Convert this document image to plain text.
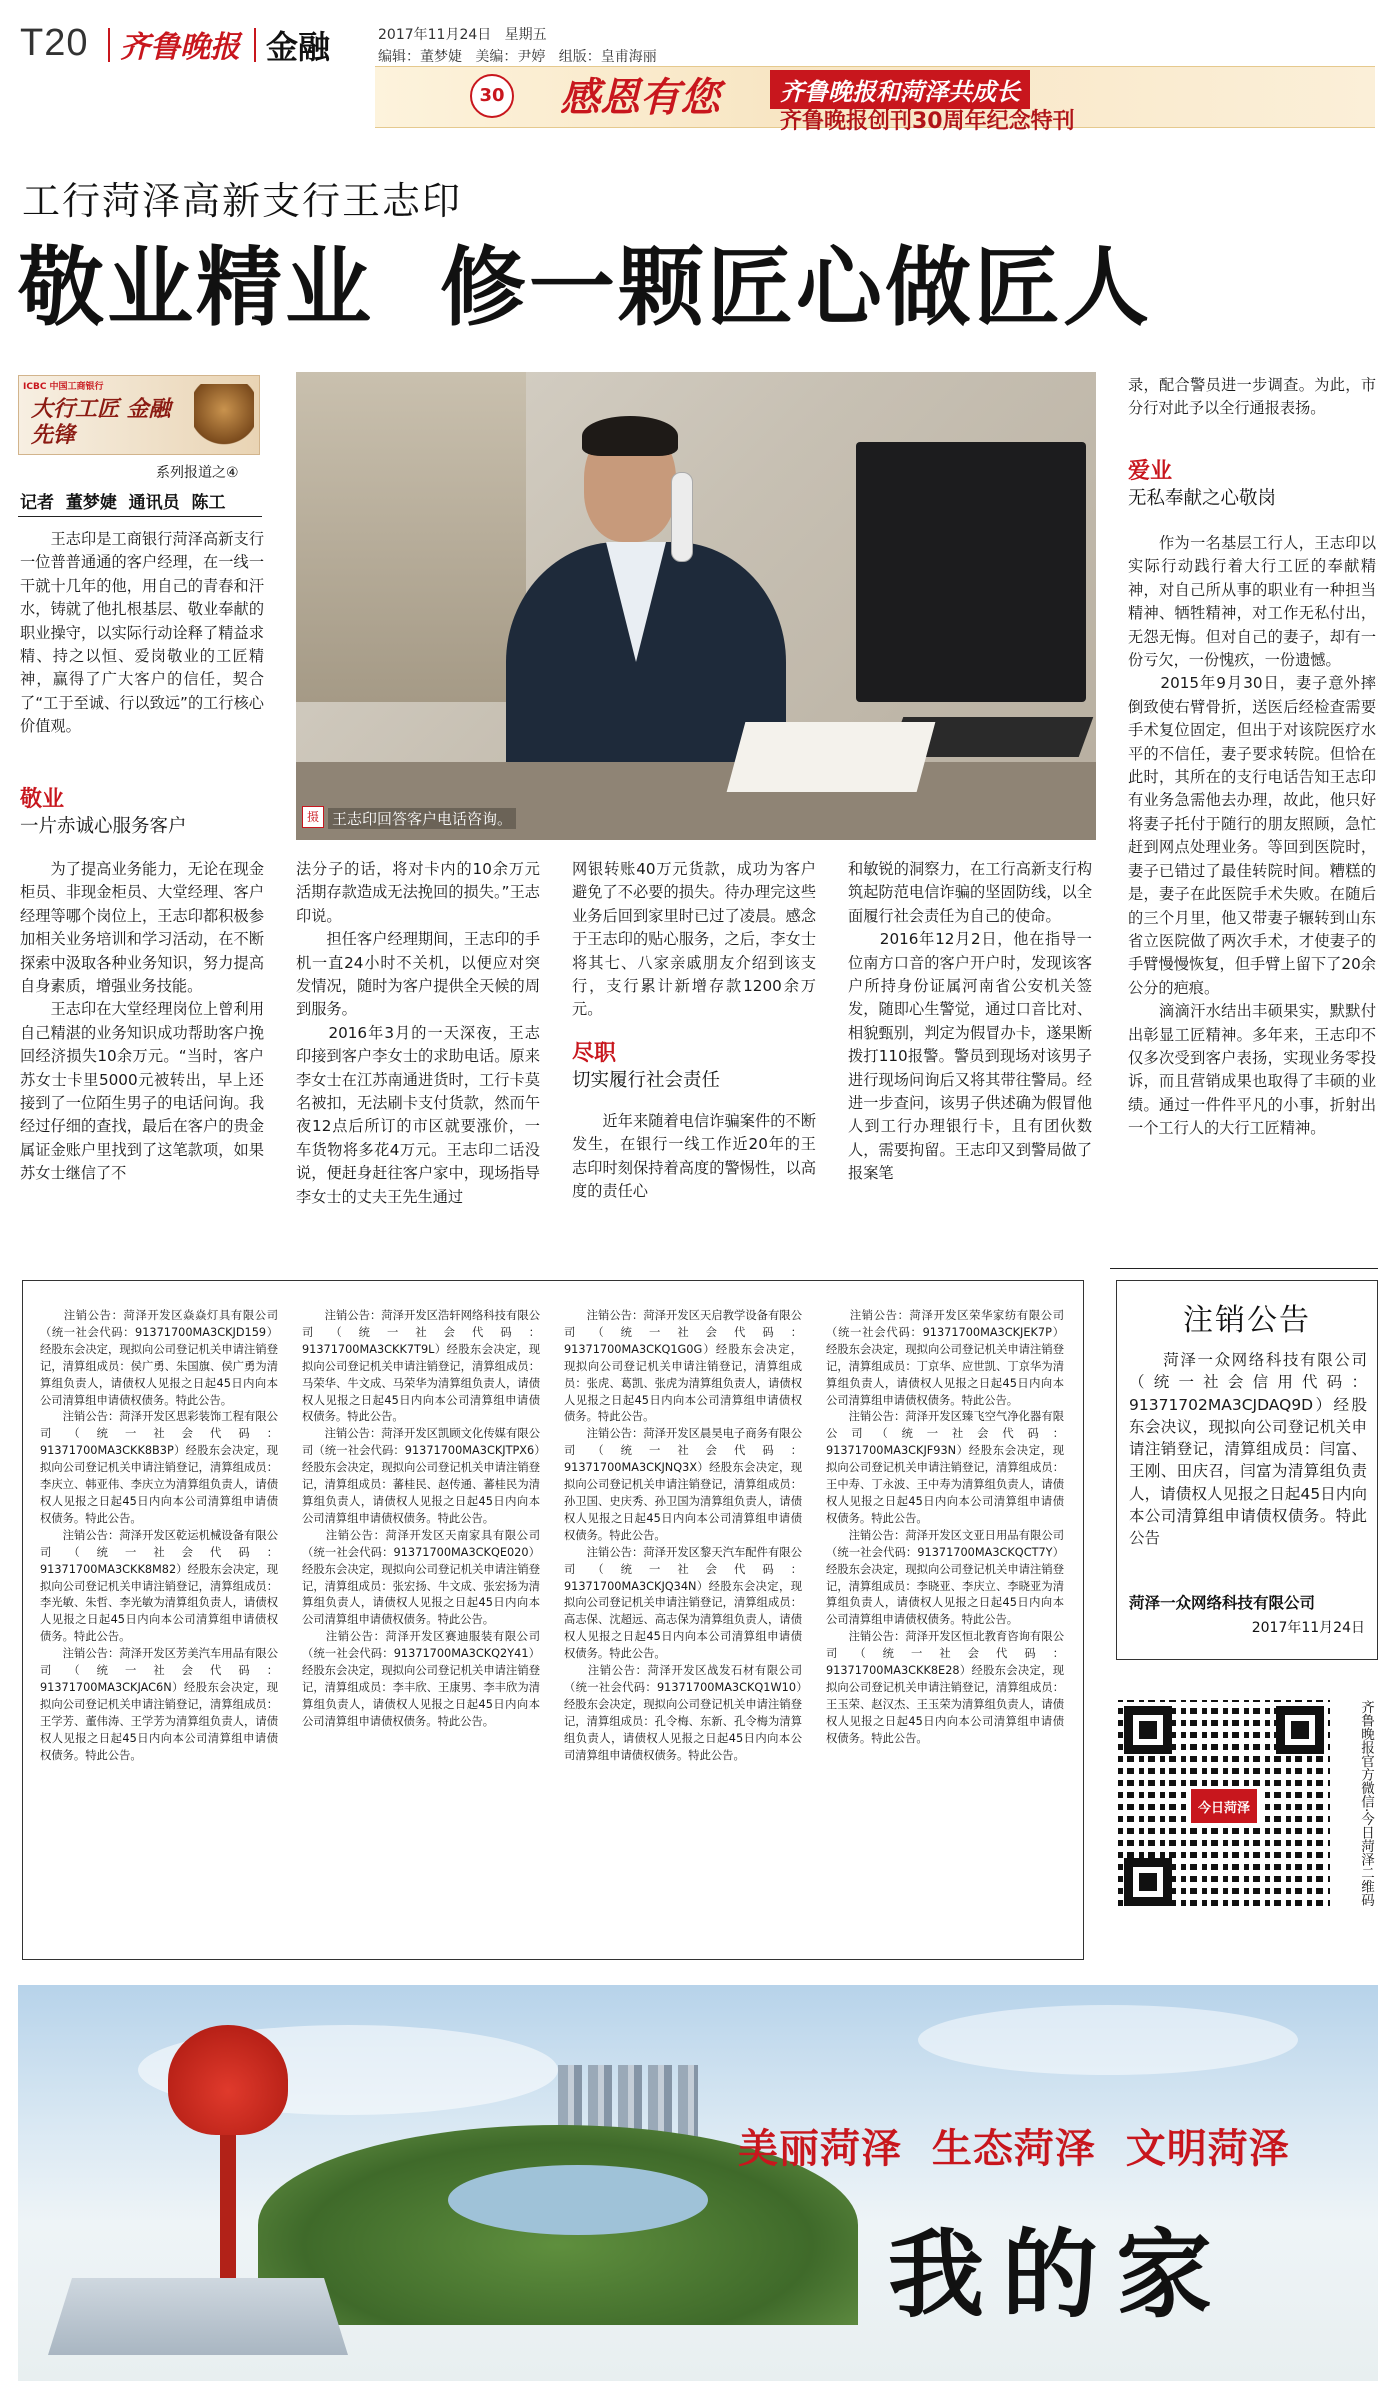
T20 齐鲁晚报 金融	2017年11月24日   星期五
编辑：董梦婕   美编：尹婷   组版：皇甫海丽
30 感恩有您	齐鲁晚报和菏泽共成长
齐鲁晚报创刊30周年纪念特刊
工行菏泽高新支行王志印
敬业精业  修一颗匠心做匠人
ICBC 中国工商银行
大行工匠 金融先锋
系列报道之④
记者  董梦婕  通讯员  陈工
摄 王志印回答客户电话咨询。
　　王志印是工商银行菏泽高新支行一位普普通通的客户经理，在一线一干就十几年的他，用自己的青春和汗水，铸就了他扎根基层、敬业奉献的职业操守，以实际行动诠释了精益求精、持之以恒、爱岗敬业的工匠精神，赢得了广大客户的信任，契合了“工于至诚、行以致远”的工行核心价值观。
敬业
一片赤诚心服务客户
　　为了提高业务能力，无论在现金柜员、非现金柜员、大堂经理、客户经理等哪个岗位上，王志印都积极参加相关业务培训和学习活动，在不断探索中汲取各种业务知识，努力提高自身素质，增强业务技能。
　　王志印在大堂经理岗位上曾利用自己精湛的业务知识成功帮助客户挽回经济损失10余万元。“当时，客户苏女士卡里5000元被转出，早上还接到了一位陌生男子的电话问询。我经过仔细的查找，最后在客户的贵金属证金账户里找到了这笔款项，如果苏女士继信了不
法分子的话，将对卡内的10余万元活期存款造成无法挽回的损失。”王志印说。
　　担任客户经理期间，王志印的手机一直24小时不关机，以便应对突发情况，随时为客户提供全天候的周到服务。
　　2016年3月的一天深夜，王志印接到客户李女士的求助电话。原来李女士在江苏南通进货时，工行卡莫名被扣，无法刷卡支付货款，然而午夜12点后所订的市区就要涨价，一车货物将多花4万元。王志印二话没说，便赶身赶往客户家中，现场指导李女士的丈夫王先生通过
网银转账40万元货款，成功为客户避免了不必要的损失。待办理完这些业务后回到家里时已过了凌晨。感念于王志印的贴心服务，之后，李女士将其七、八家亲戚朋友介绍到该支行，支行累计新增存款1200余万元。
尽职
切实履行社会责任
　　近年来随着电信诈骗案件的不断发生，在银行一线工作近20年的王志印时刻保持着高度的警惕性，以高度的责任心
和敏锐的洞察力，在工行高新支行构筑起防范电信诈骗的坚固防线，以全面履行社会责任为自己的使命。
　　2016年12月2日，他在指导一位南方口音的客户开户时，发现该客户所持身份证属河南省公安机关签发，随即心生警觉，通过口音比对、相貌甄别，判定为假冒办卡，遂果断拨打110报警。警员到现场对该男子进行现场问询后又将其带往警局。经进一步查问，该男子供述确为假冒他人到工行办理银行卡，且有团伙数人，需要拘留。王志印又到警局做了报案笔
录，配合警员进一步调查。为此，市分行对此予以全行通报表扬。
爱业
无私奉献之心敬岗
　　作为一名基层工行人，王志印以实际行动践行着大行工匠的奉献精神，对自己所从事的职业有一种担当精神、牺牲精神，对工作无私付出，无怨无悔。但对自己的妻子，却有一份亏欠，一份愧疚，一份遗憾。
　　2015年9月30日，妻子意外摔倒致使右臂骨折，送医后经检查需要手术复位固定，但出于对该院医疗水平的不信任，妻子要求转院。但恰在此时，其所在的支行电话告知王志印有业务急需他去办理，故此，他只好将妻子托付于随行的朋友照顾，急忙赶到网点处理业务。等回到医院时，妻子已错过了最佳转院时间。糟糕的是，妻子在此医院手术失败。在随后的三个月里，他又带妻子辗转到山东省立医院做了两次手术，才使妻子的手臂慢慢恢复，但手臂上留下了20余公分的疤痕。
　　滴滴汗水结出丰硕果实，默默付出彰显工匠精神。多年来，王志印不仅多次受到客户表扬，实现业务零投诉，而且营销成果也取得了丰硕的业绩。通过一件件平凡的小事，折射出一个工行人的大行工匠精神。
　　注销公告：菏泽开发区焱焱灯具有限公司（统一社会代码：91371700MA3CKJD159）经股东会决定，现拟向公司登记机关申请注销登记，清算组成员：侯广勇、朱国旗、侯广勇为清算组负责人，请债权人见报之日起45日内向本公司清算组申请债权债务。特此公告。
　　注销公告：菏泽开发区思彩装饰工程有限公司（统一社会代码：91371700MA3CKK8B3P）经股东会决定，现拟向公司登记机关申请注销登记，清算组成员：李庆立、韩亚伟、李庆立为清算组负责人，请债权人见报之日起45日内向本公司清算组申请债权债务。特此公告。
　　注销公告：菏泽开发区乾运机械设备有限公司（统一社会代码：91371700MA3CKK8M82）经股东会决定，现拟向公司登记机关申请注销登记，清算组成员：李光敏、朱哲、李光敏为清算组负责人，请债权人见报之日起45日内向本公司清算组申请债权债务。特此公告。
　　注销公告：菏泽开发区芳美汽车用品有限公司（统一社会代码：91371700MA3CKJAC6N）经股东会决定，现拟向公司登记机关申请注销登记，清算组成员：王学芳、董伟涛、王学芳为清算组负责人，请债权人见报之日起45日内向本公司清算组申请债权债务。特此公告。
　　注销公告：菏泽开发区浩轩网络科技有限公司（统一社会代码：91371700MA3CKK7T9L）经股东会决定，现拟向公司登记机关申请注销登记，清算组成员：马荣华、牛文成、马荣华为清算组负责人，请债权人见报之日起45日内向本公司清算组申请债权债务。特此公告。
　　注销公告：菏泽开发区凯顾文化传媒有限公司（统一社会代码：91371700MA3CKJTPX6）经股东会决定，现拟向公司登记机关申请注销登记，清算组成员：蕃桂民、赵传通、蕃桂民为清算组负责人，请债权人见报之日起45日内向本公司清算组申请债权债务。特此公告。
　　注销公告：菏泽开发区天南家具有限公司（统一社会代码：91371700MA3CKQE020）经股东会决定，现拟向公司登记机关申请注销登记，清算组成员：张宏扬、牛文成、张宏扬为清算组负责人，请债权人见报之日起45日内向本公司清算组申请债权债务。特此公告。
　　注销公告：菏泽开发区赛迪服装有限公司（统一社会代码：91371700MA3CKQ2Y41）经股东会决定，现拟向公司登记机关申请注销登记，清算组成员：李丰欣、王康男、李丰欣为清算组负责人，请债权人见报之日起45日内向本公司清算组申请债权债务。特此公告。
　　注销公告：菏泽开发区天启教学设备有限公司（统一社会代码：91371700MA3CKQ1G0G）经股东会决定，现拟向公司登记机关申请注销登记，清算组成员：张虎、葛凯、张虎为清算组负责人，请债权人见报之日起45日内向本公司清算组申请债权债务。特此公告。
　　注销公告：菏泽开发区晨昊电子商务有限公司（统一社会代码：91371700MA3CKJNQ3X）经股东会决定，现拟向公司登记机关申请注销登记，清算组成员：孙卫国、史庆秀、孙卫国为清算组负责人，请债权人见报之日起45日内向本公司清算组申请债权债务。特此公告。
　　注销公告：菏泽开发区黎天汽车配件有限公司（统一社会代码：91371700MA3CKJQ34N）经股东会决定，现拟向公司登记机关申请注销登记，清算组成员：高志保、沈超远、高志保为清算组负责人，请债权人见报之日起45日内向本公司清算组申请债权债务。特此公告。
　　注销公告：菏泽开发区战发石材有限公司（统一社会代码：91371700MA3CKQ1W10）经股东会决定，现拟向公司登记机关申请注销登记，清算组成员：孔令梅、东新、孔令梅为清算组负责人，请债权人见报之日起45日内向本公司清算组申请债权债务。特此公告。
　　注销公告：菏泽开发区荣华家纺有限公司（统一社会代码：91371700MA3CKJEK7P）经股东会决定，现拟向公司登记机关申请注销登记，清算组成员：丁京华、应世凯、丁京华为清算组负责人，请债权人见报之日起45日内向本公司清算组申请债权债务。特此公告。
　　注销公告：菏泽开发区臻飞空气净化器有限公司（统一社会代码：91371700MA3CKJF93N）经股东会决定，现拟向公司登记机关申请注销登记，清算组成员：王中寿、丁永波、王中寿为清算组负责人，请债权人见报之日起45日内向本公司清算组申请债权债务。特此公告。
　　注销公告：菏泽开发区文亚日用品有限公司（统一社会代码：91371700MA3CKQCT7Y）经股东会决定，现拟向公司登记机关申请注销登记，清算组成员：李晓亚、李庆立、李晓亚为清算组负责人，请债权人见报之日起45日内向本公司清算组申请债权债务。特此公告。
　　注销公告：菏泽开发区恒北教育咨询有限公司（统一社会代码：91371700MA3CKK8E28）经股东会决定，现拟向公司登记机关申请注销登记，清算组成员：王玉荣、赵汉杰、王玉荣为清算组负责人，请债权人见报之日起45日内向本公司清算组申请债权债务。特此公告。
注销公告
　　菏泽一众网络科技有限公司（统一社会信用代码：91371702MA3CJDAQ9D）经股东会决议，现拟向公司登记机关申请注销登记，清算组成员：闫富、王刚、田庆召，闫富为清算组负责人，请债权人见报之日起45日内向本公司清算组申请债权债务。特此公告
菏泽一众网络科技有限公司
2017年11月24日
今日菏泽	齐鲁晚报官方微信·今日菏泽二维码
美丽菏泽  生态菏泽  文明菏泽
我的家
